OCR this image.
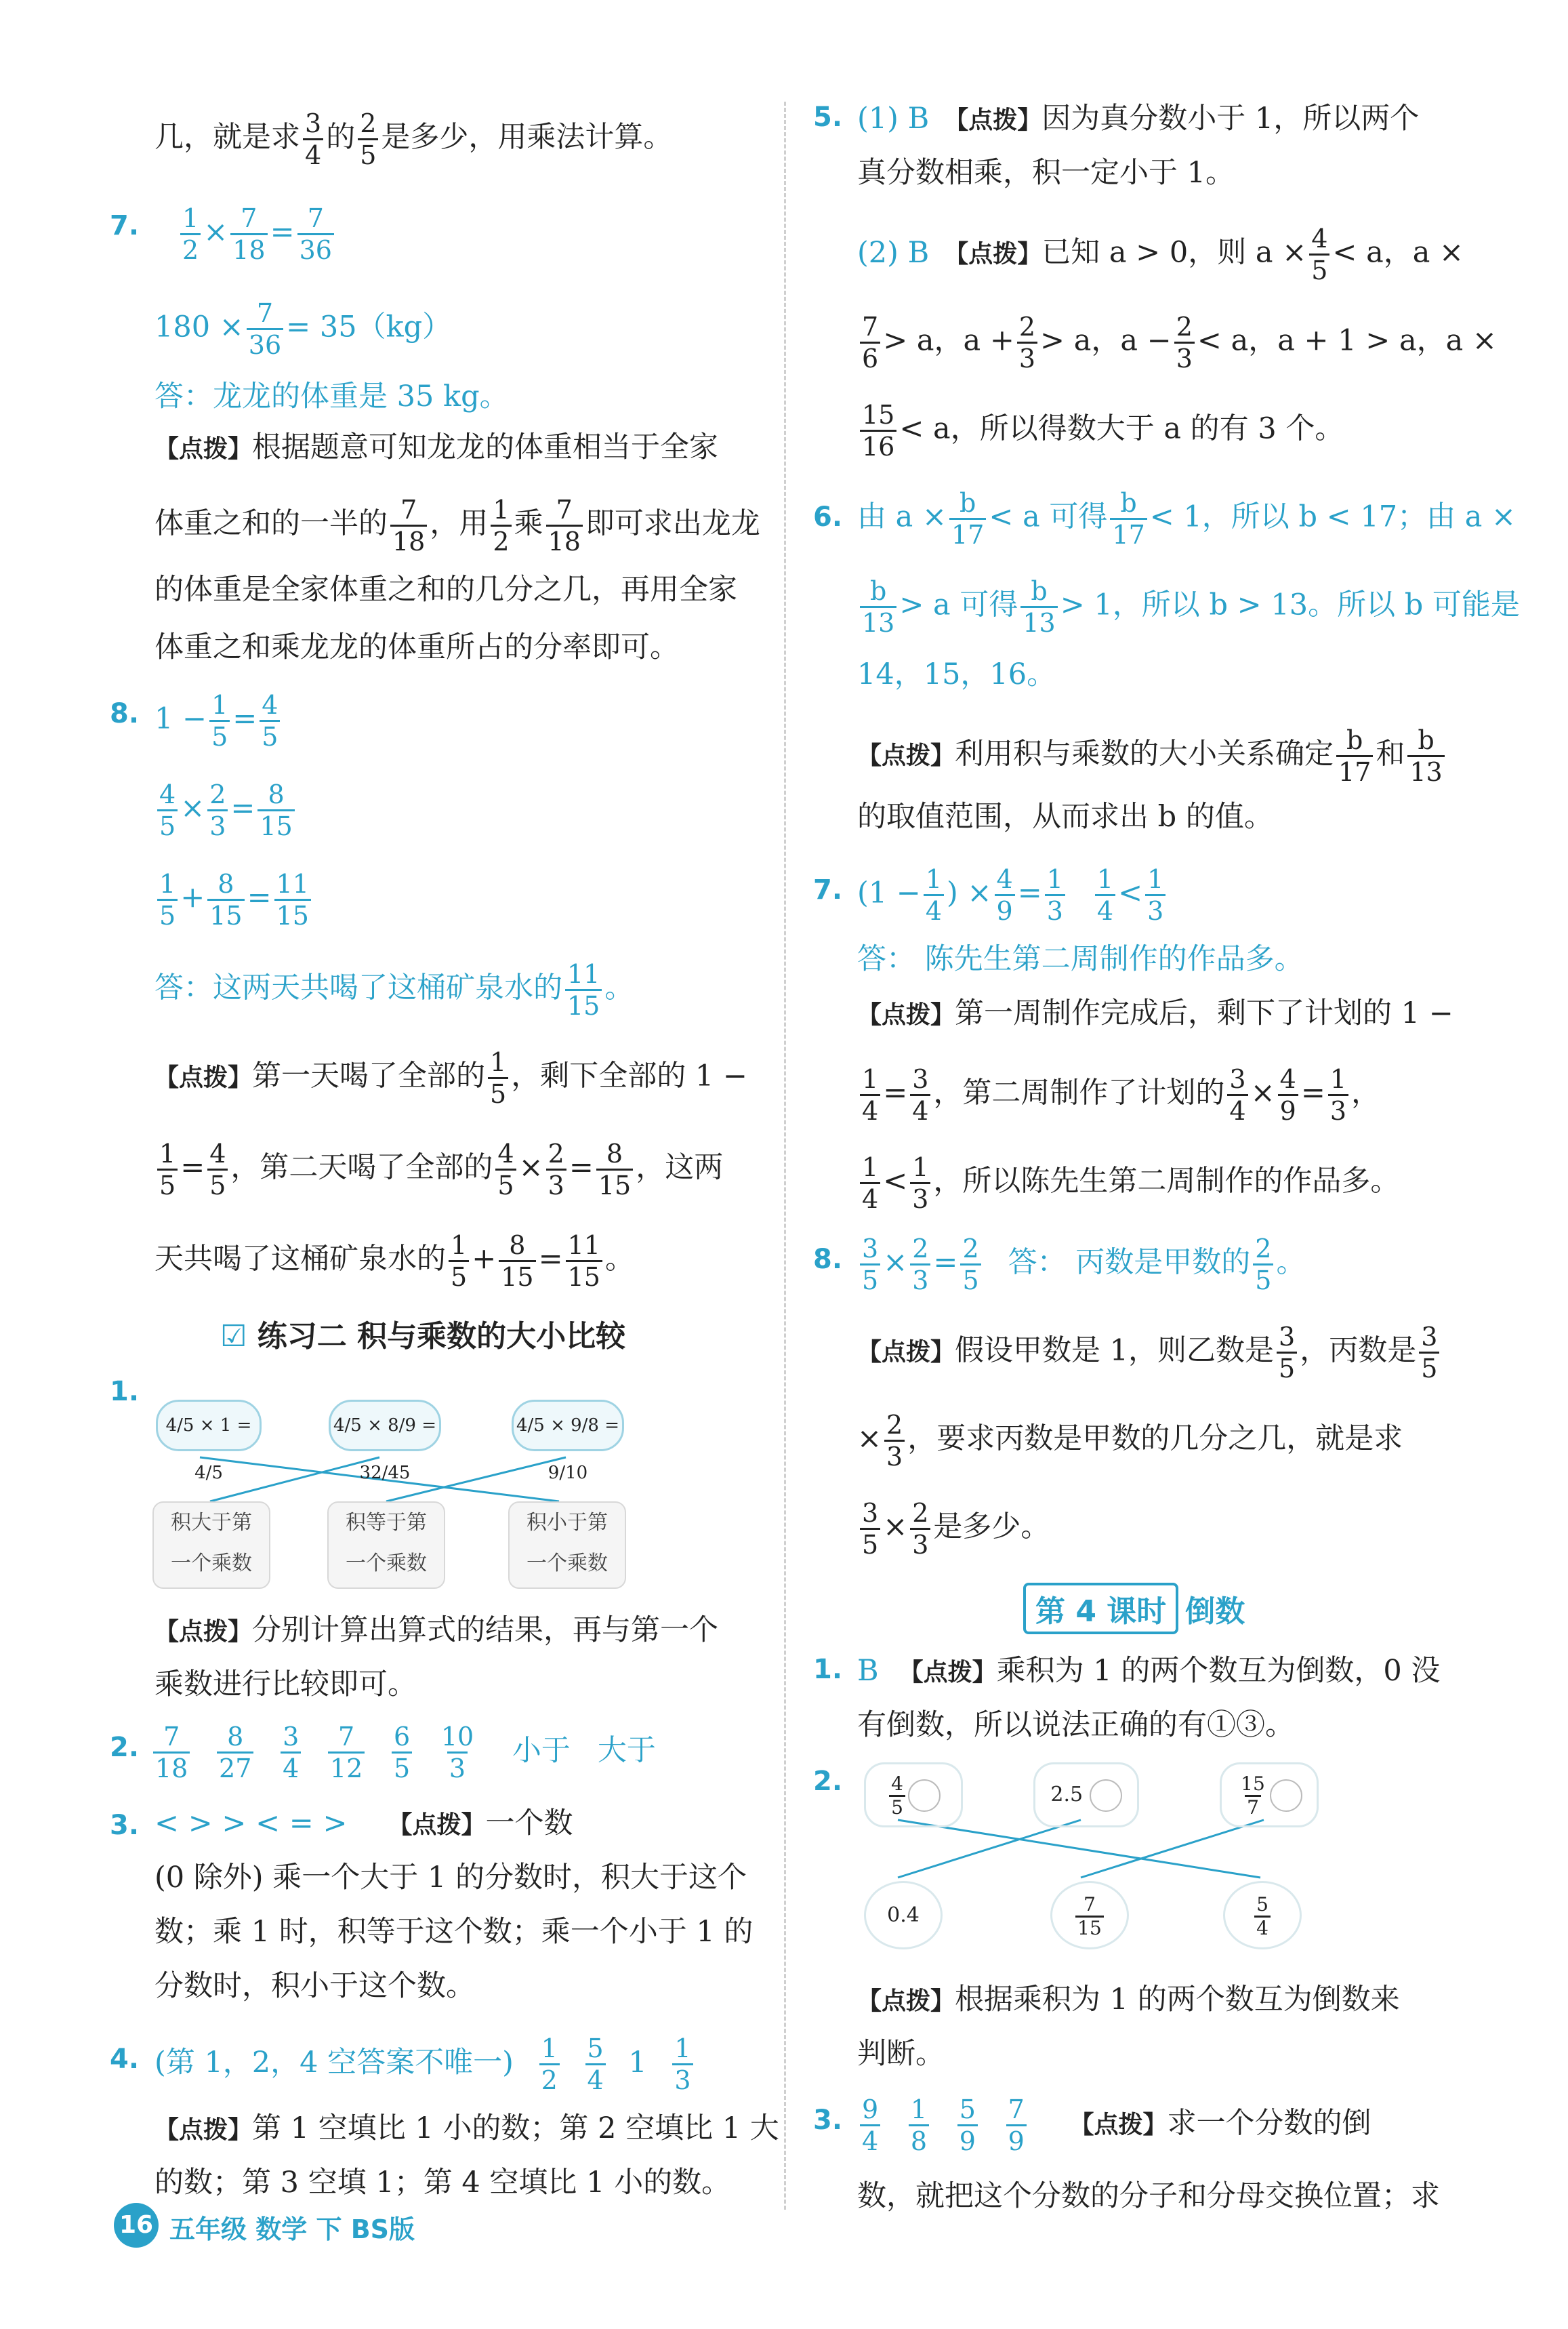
几，就是求 $\frac{3}{4}$ 的 $\frac{2}{5}$ 是多少，用乘法计算。
7. $\frac{1}{2} \times \frac{7}{18} = \frac{7}{36}$
$180 \times \frac{7}{36} = 35(kg)$
答：龙龙的体重是 35 kg。
【点拨】根据题意可知龙龙的体重相当于全家
体重之和的一半的 $\frac{7}{18}$ ，用 $\frac{1}{2}$ 乘 $\frac{7}{18}$ 即可求出龙龙
的体重是全家体重之和的几分之几，再用全家
体重之和乘龙龙的体重所占的分率即可。
8. $1 - \frac{1}{5} = \frac{4}{5}$
$\frac{4}{5} \times \frac{2}{3} = \frac{8}{15}$
$\frac{1}{5} + \frac{8}{15} = \frac{11}{15}$
答：这两天共喝了这桶矿泉水的 $\frac{11}{15}$ 。
【点拨】第一天喝了全部的 $\frac{1}{5}$ ，剩下全部的 1 −
$\frac{1}{5} = \frac{4}{5}$ ，第二天喝了全部的 $\frac{4}{5} \times \frac{2}{3} = \frac{8}{15}$ ，这两
天共喝了这桶矿泉水的 $\frac{1}{5} + \frac{8}{15} = \frac{11}{15}$ 。
☑ 练习二 积与乘数的大小比较
1.
4/5 × 1 = 4/5
4/5 × 8/9 = 32/45
4/5 × 9/8 = 9/10
积大于第
一个乘数
积等于第
一个乘数
积小于第
一个乘数
【点拨】分别计算出算式的结果，再与第一个
乘数进行比较即可。
2. $\frac{7}{18}$
$\frac{8}{27}$
$\frac{3}{4}$
$\frac{7}{12}$
$\frac{6}{5}$
$\frac{10}{3}$ 小于 大于
3. < > > < = > 【点拨】一个数
(0 除外) 乘一个大于 1 的分数时，积大于这个
数；乘 1 时，积等于这个数；乘一个小于 1 的
分数时，积小于这个数。
4. (第 1，2，4 空答案不唯一) $\frac{1}{2}$
$\frac{5}{4} 1 \frac{1}{3}$
【点拨】第 1 空填比 1 小的数；第 2 空填比 1 大
的数；第 3 空填 1；第 4 空填比 1 小的数。
5. (1) B 【点拨】因为真分数小于 1，所以两个
真分数相乘，积一定小于 1。
(2) B 【点拨】已知 a > 0，则 $a \times \frac{4}{5} < a$，a ×
$\frac{7}{6} > a$，$a + \frac{2}{3} > a$，$a - \frac{2}{3} < a$，a + 1 > a，a ×
$\frac{15}{16} < a$，所以得数大于 a 的有 3 个。
6. 由 $a \times \frac{b}{17} < a$ 可得 $\frac{b}{17} < 1$，所以 b < 17；由 a ×
$\frac{b}{13} > a$ 可得 $\frac{b}{13} > 1$，所以 b > 13。所以 b 可能是
14，15，16。
【点拨】利用积与乘数的大小关系确定 $\frac{b}{17}$ 和 $\frac{b}{13}$
的取值范围，从而求出 b 的值。
7. ($1 - \frac{1}{4}$ ) × $\frac{4}{9} = \frac{1}{3} \frac{1}{4} < \frac{1}{3}$
答： 陈先生第二周制作的作品多。
【点拨】第一周制作完成后，剩下了计划的 1 −
$\frac{1}{4} = \frac{3}{4}$ ，第二周制作了计划的 $\frac{3}{4} \times \frac{4}{9} = \frac{1}{3}$ ，
$\frac{1}{4} < \frac{1}{3}$ ，所以陈先生第二周制作的作品多。
8. $\frac{3}{5} \times \frac{2}{3} = \frac{2}{5}$ 答： 丙数是甲数的 $\frac{2}{5}$ 。
【点拨】假设甲数是 1，则乙数是 $\frac{3}{5}$ ，丙数是 $\frac{3}{5}$
× $\frac{2}{3}$ ，要求丙数是甲数的几分之几，就是求
$\frac{3}{5} \times \frac{2}{3}$ 是多少。
第 4 课时 倒数
1. B 【点拨】乘积为 1 的两个数互为倒数，0 没
有倒数，所以说法正确的有①③。
2. $\frac{4}{5}$	2.5	$\frac{15}{7}$
0.4	$\frac{7}{15}$	$\frac{5}{4}$
【点拨】根据乘积为 1 的两个数互为倒数来
判断。
3. $\frac{9}{4}$
$\frac{1}{8}$
$\frac{5}{9}$
$\frac{7}{9}$ 【点拨】求一个分数的倒
数，就把这个分数的分子和分母交换位置；求
16 五年级 数学 下 BS版
